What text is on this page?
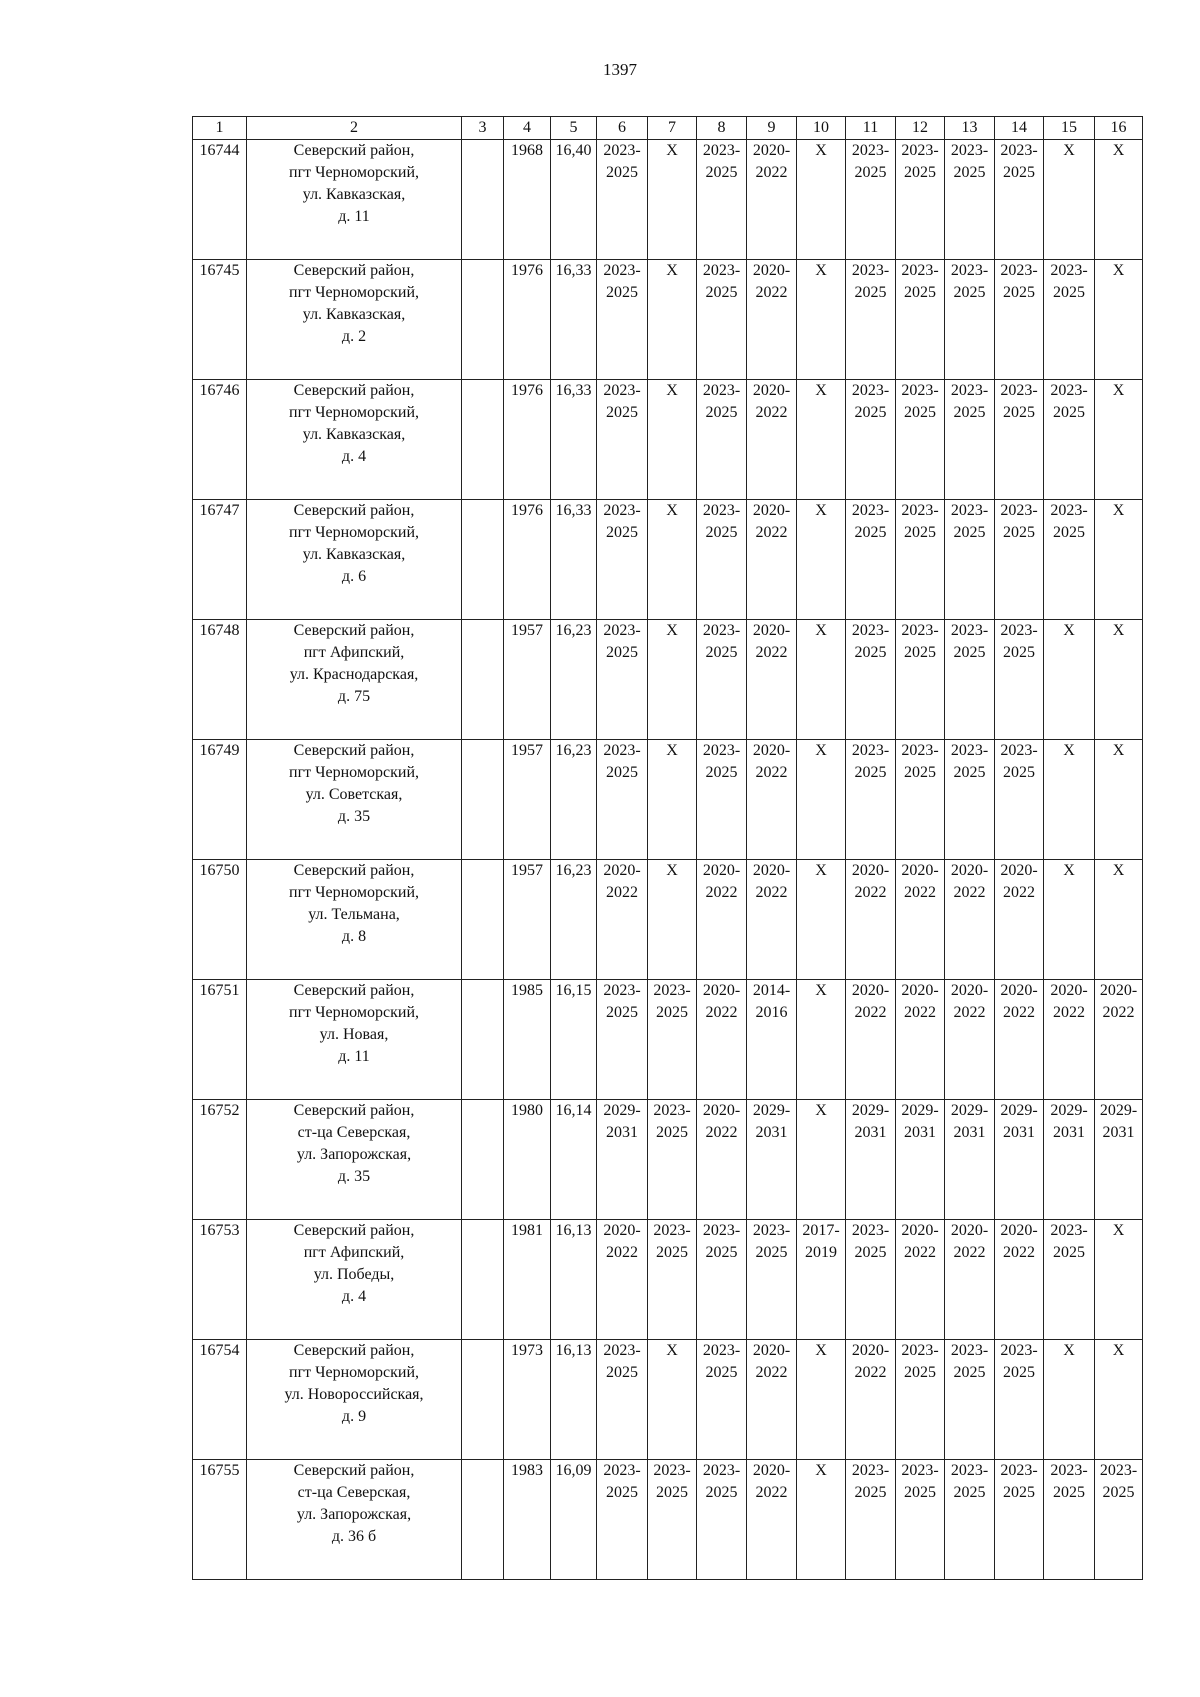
1397
1	2	3	4	5	6	7	8	9	10	11	12	13	14	15	16
16744	Северский район,
пгт Черноморский,
ул. Кавказская,
д. 11		1968	16,40	2023-
2025	Х	2023-
2025	2020-
2022	Х	2023-
2025	2023-
2025	2023-
2025	2023-
2025	Х	Х

16745	Северский район,
пгт Черноморский,
ул. Кавказская,
д. 2		1976	16,33	2023-
2025	Х	2023-
2025	2020-
2022	Х	2023-
2025	2023-
2025	2023-
2025	2023-
2025	2023-
2025	Х

16746	Северский район,
пгт Черноморский,
ул. Кавказская,
д. 4		1976	16,33	2023-
2025	Х	2023-
2025	2020-
2022	Х	2023-
2025	2023-
2025	2023-
2025	2023-
2025	2023-
2025	Х

16747	Северский район,
пгт Черноморский,
ул. Кавказская,
д. 6		1976	16,33	2023-
2025	Х	2023-
2025	2020-
2022	Х	2023-
2025	2023-
2025	2023-
2025	2023-
2025	2023-
2025	Х

16748	Северский район,
пгт Афипский,
ул. Краснодарская,
д. 75		1957	16,23	2023-
2025	Х	2023-
2025	2020-
2022	Х	2023-
2025	2023-
2025	2023-
2025	2023-
2025	Х	Х

16749	Северский район,
пгт Черноморский,
ул. Советская,
д. 35		1957	16,23	2023-
2025	Х	2023-
2025	2020-
2022	Х	2023-
2025	2023-
2025	2023-
2025	2023-
2025	Х	Х

16750	Северский район,
пгт Черноморский,
ул. Тельмана,
д. 8		1957	16,23	2020-
2022	Х	2020-
2022	2020-
2022	Х	2020-
2022	2020-
2022	2020-
2022	2020-
2022	Х	Х

16751	Северский район,
пгт Черноморский,
ул. Новая,
д. 11		1985	16,15	2023-
2025	2023-
2025	2020-
2022	2014-
2016	Х	2020-
2022	2020-
2022	2020-
2022	2020-
2022	2020-
2022	2020-
2022

16752	Северский район,
ст-ца Северская,
ул. Запорожская,
д. 35		1980	16,14	2029-
2031	2023-
2025	2020-
2022	2029-
2031	Х	2029-
2031	2029-
2031	2029-
2031	2029-
2031	2029-
2031	2029-
2031

16753	Северский район,
пгт Афипский,
ул. Победы,
д. 4		1981	16,13	2020-
2022	2023-
2025	2023-
2025	2023-
2025	2017-
2019	2023-
2025	2020-
2022	2020-
2022	2020-
2022	2023-
2025	Х

16754	Северский район,
пгт Черноморский,
ул. Новороссийская,
д. 9		1973	16,13	2023-
2025	Х	2023-
2025	2020-
2022	Х	2020-
2022	2023-
2025	2023-
2025	2023-
2025	Х	Х

16755	Северский район,
ст-ца Северская,
ул. Запорожская,
д. 36 б		1983	16,09	2023-
2025	2023-
2025	2023-
2025	2020-
2022	Х	2023-
2025	2023-
2025	2023-
2025	2023-
2025	2023-
2025	2023-
2025
